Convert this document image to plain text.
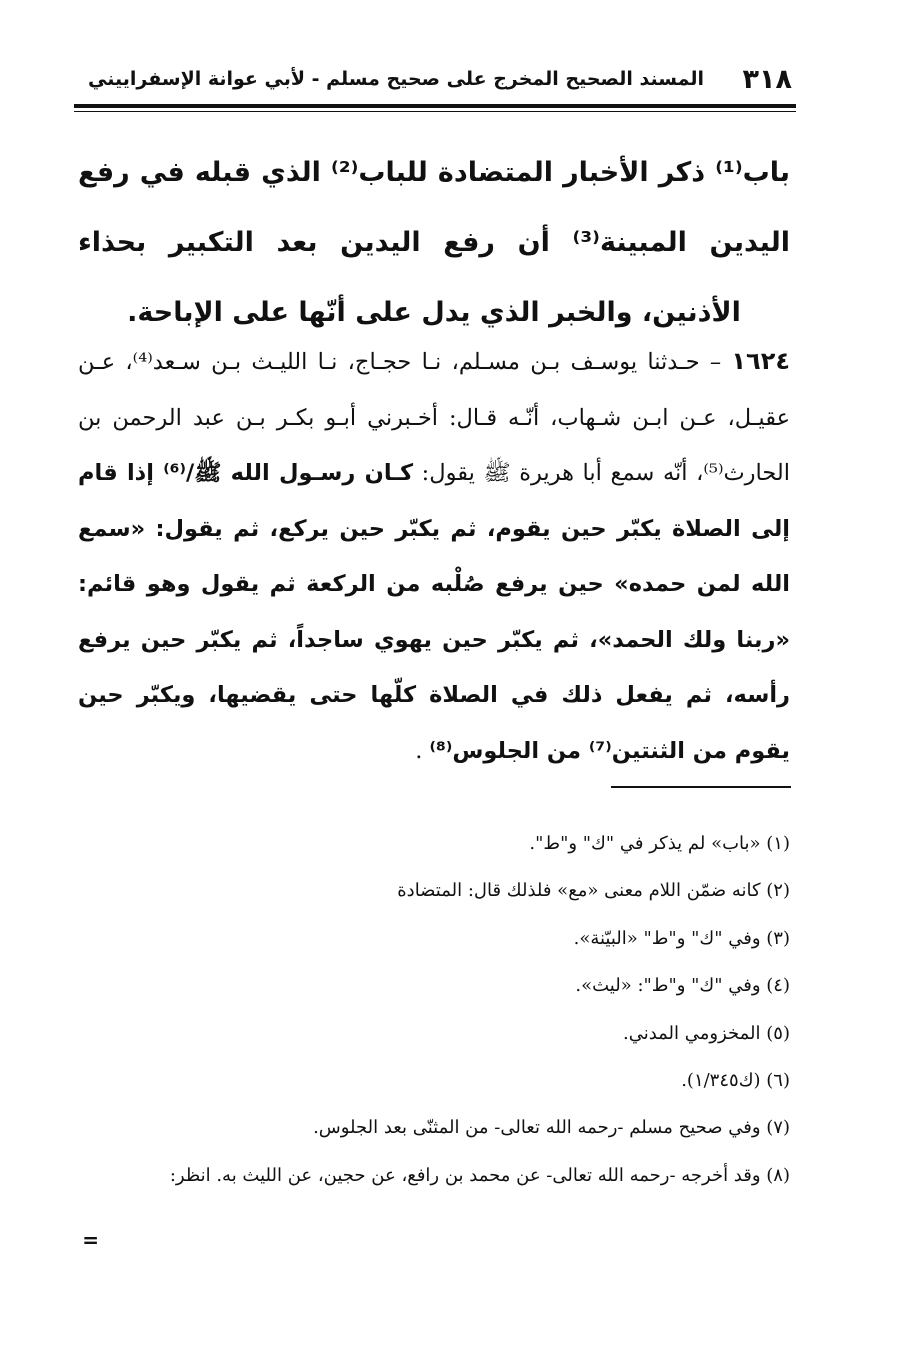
٣١٨
المسند الصحيح المخرج على صحيح مسلم - لأبي عوانة الإسفراييني
باب⁽¹⁾ ذكر الأخبار المتضادة للباب⁽²⁾ الذي قبله في رفع اليدين المبينة⁽³⁾ أن رفع اليدين بعد التكبير بحذاء الأذنين، والخبر الذي يدل على أنّها على الإباحة.

١٦٢٤ – حـدثنا يوسـف بـن مسـلم، نـا حجـاج، نـا الليـث بـن سـعد⁽⁴⁾، عـن عقيـل، عـن ابـن شـهاب، أنّـه قـال: أخـبرني أبـو بكـر بـن عبد الرحمن بن الحارث⁽⁵⁾، أنّه سمع أبا هريرة ﷺ يقول: كـان رسـول الله ﷺ/⁽⁶⁾ إذا قام إلى الصلاة يكبّر حين يقوم، ثم يكبّر حين يركع، ثم يقول: «سمع الله لمن حمده» حين يرفع صُلْبه من الركعة ثم يقول وهو قائم: «ربنا ولك الحمد»، ثم يكبّر حين يهوي ساجداً، ثم يكبّر حين يرفع رأسه، ثم يفعل ذلك في الصلاة كلّها حتى يقضيها، ويكبّر حين يقوم من الثنتين⁽⁷⁾ من الجلوس⁽⁸⁾ .

(١) «باب» لم يذكر في "ك" و"ط".
(٢) كانه ضمّن اللام معنى «مع» فلذلك قال: المتضادة
(٣) وفي "ك" و"ط" «البيّنة».
(٤) وفي "ك" و"ط": «ليث».
(٥) المخزومي المدني.
(٦) (ك١/٣٤٥).
(٧) وفي صحيح مسلم -رحمه الله تعالى- من المثنّى بعد الجلوس.
(٨) وقد أخرجه -رحمه الله تعالى- عن محمد بن رافع، عن حجين، عن الليث به. انظر:
=
